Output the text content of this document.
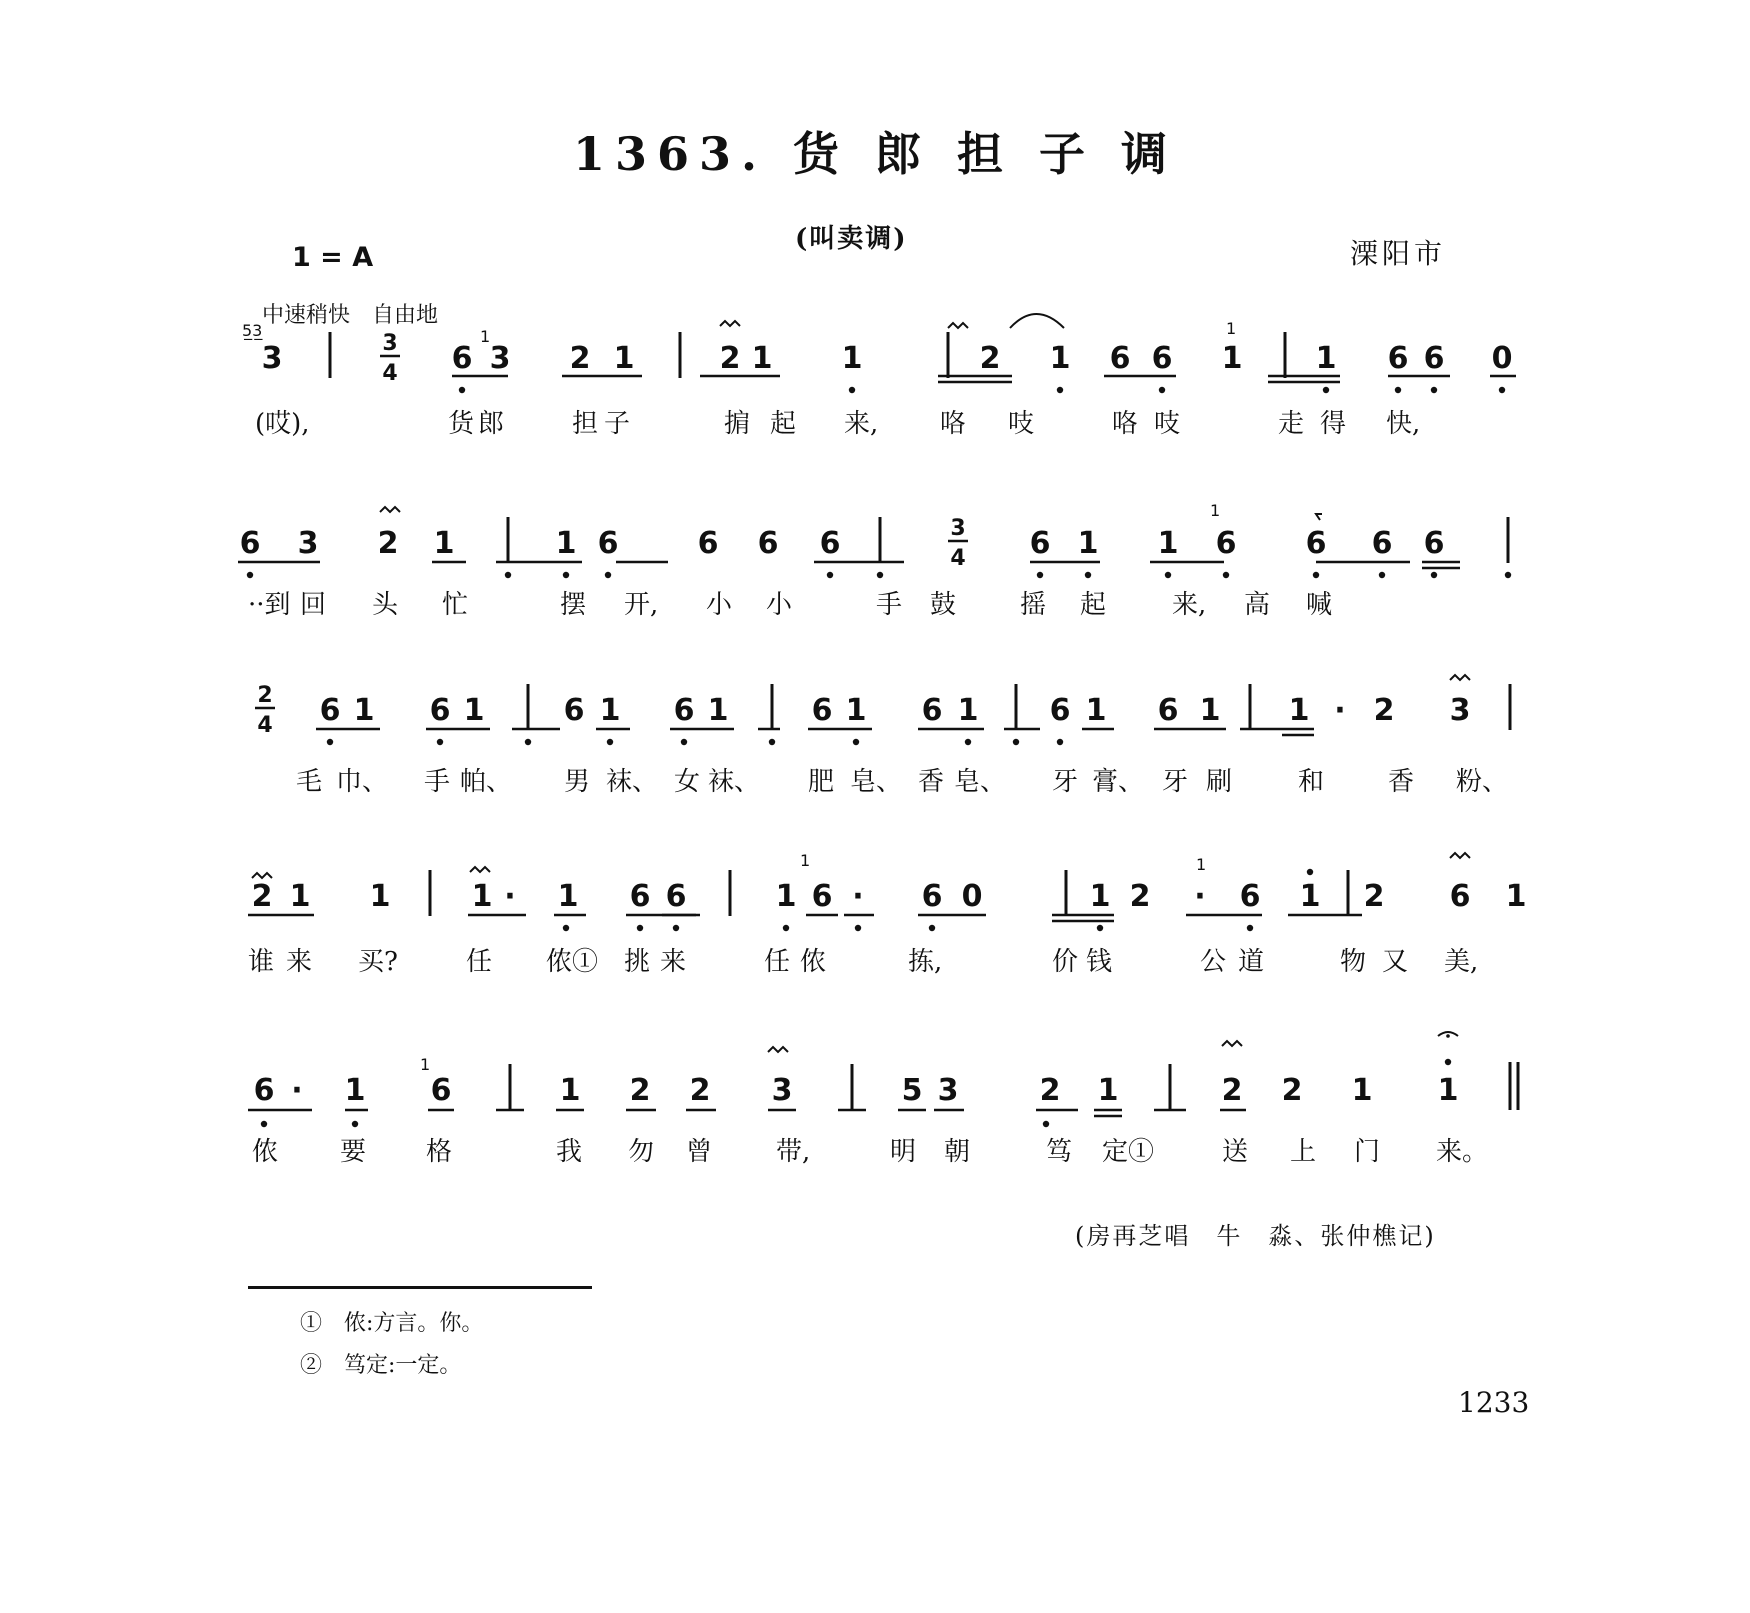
1363. 货 郎 担 子 调
(叫卖调)
1 = A	溧阳市
中速稍快　自由地
3	3
4 6 3 2 1	2 1 1	2 1 6 6 1 1 6 6 0
(哎),	货 郎	担 子	掮 起 来, 咯 吱	咯 吱	走 得 快,
6 3 2 1	1 6	6 6 6	3
4 6 1 1 6 6 6 6
··到 回 头 忙	摆 开, 小 小	手 鼓 摇 起	来, 高 喊
2
4 6 1 6 1	6 1 6 1	6 1 6 1 6 1 6 1 1 · 2 3
毛 巾、 手 帕、 男 袜、 女 袜、 肥 皂、 香 皂、 牙 膏、 牙 刷	和 香 粉、
2 1 1	1 · 1 6 6	1 6 · 6 0	1 2 · 6 1 2 6 1
谁 来 买?	任 侬① 挑 来	任 侬	拣,	价 钱	公 道	物 又 美,
6 · 1 6	1 2 2 3	5 3	2 1	2 2 1 1
侬 要 格	我 勿 曾 带,	明 朝	笃 定①	送 上 门 来。
1	1
1
1	1
1
5̲3̲
(房再芝唱　牛　淼、张仲樵记)
①　侬:方言。你。
②　笃定:一定。
1233
